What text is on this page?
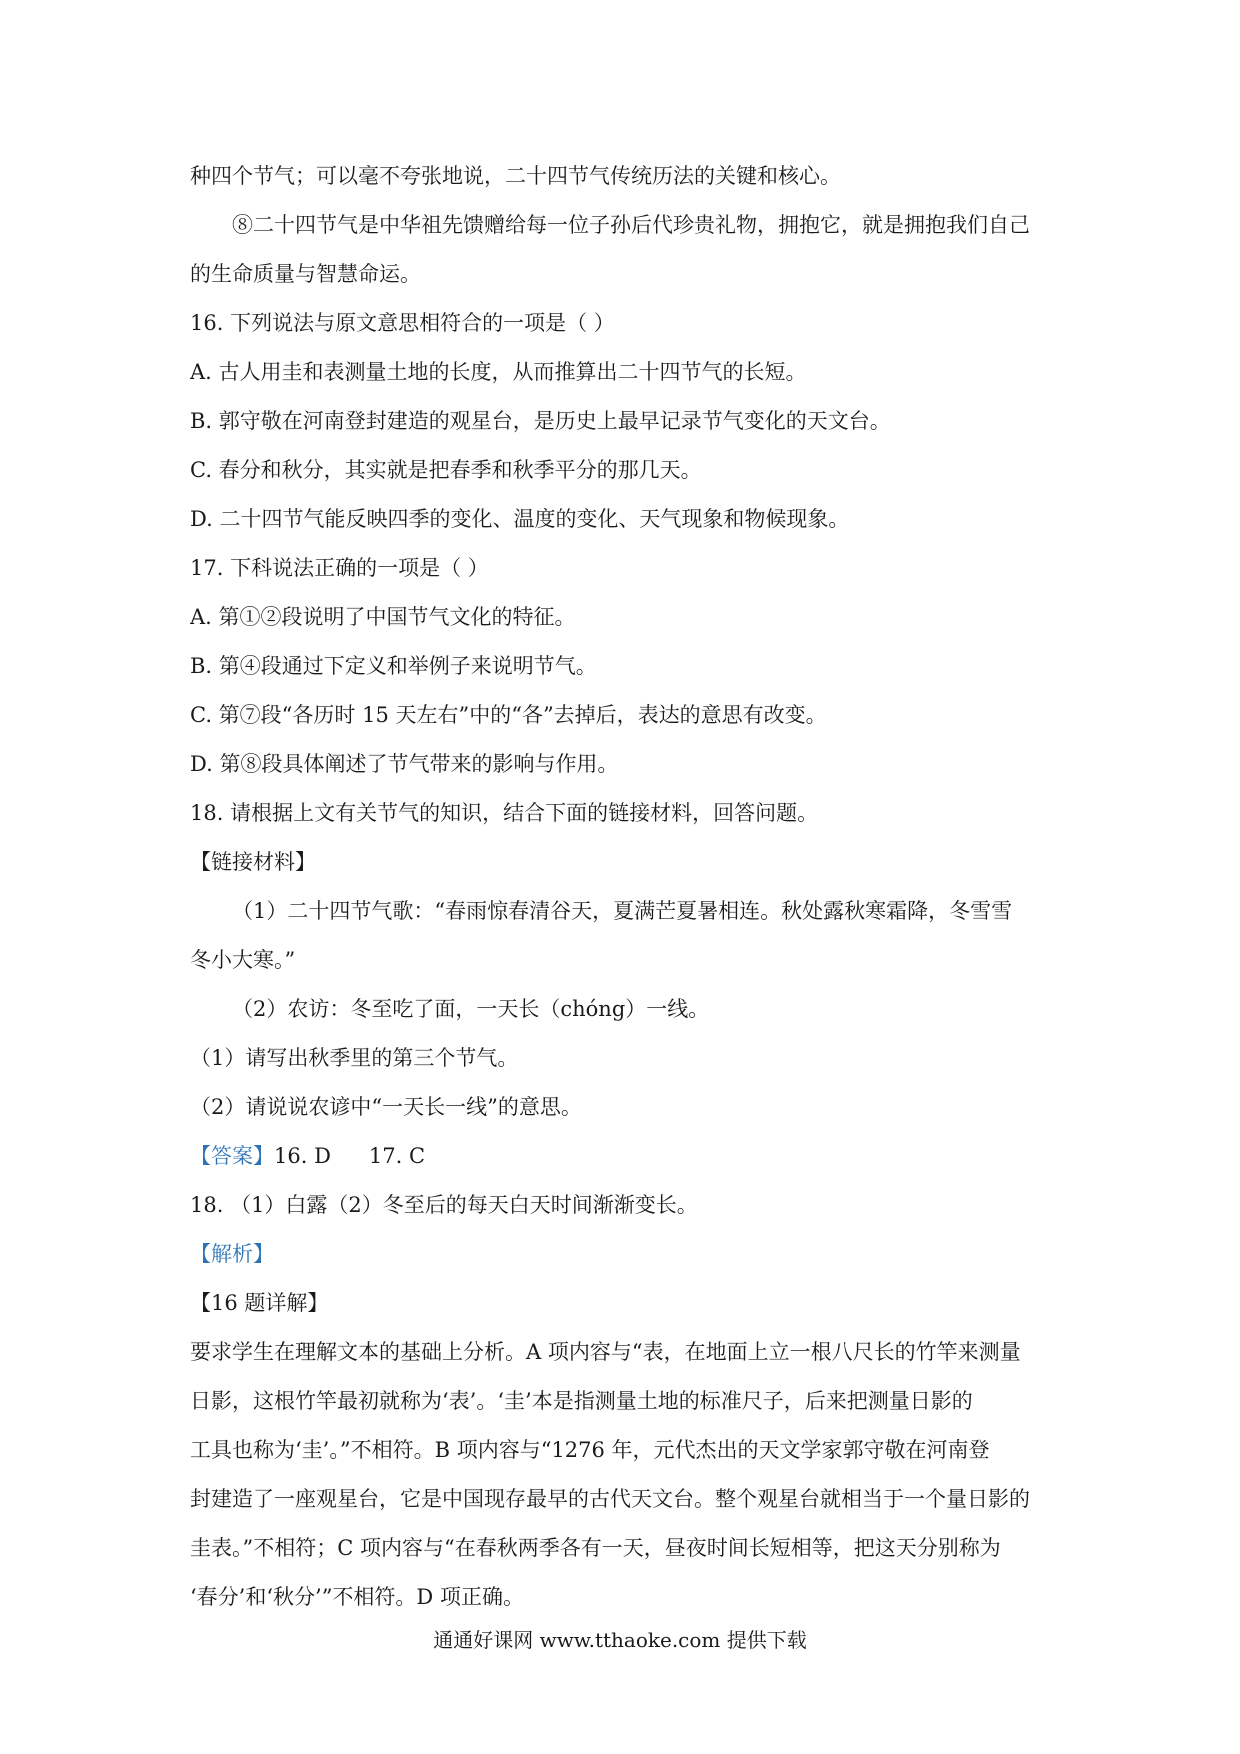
种四个节气；可以毫不夸张地说，二十四节气传统历法的关键和核心。
⑧二十四节气是中华祖先馈赠给每一位子孙后代珍贵礼物，拥抱它，就是拥抱我们自己
的生命质量与智慧命运。
16. 下列说法与原文意思相符合的一项是（ ）
A. 古人用圭和表测量土地的长度，从而推算出二十四节气的长短。
B. 郭守敬在河南登封建造的观星台，是历史上最早记录节气变化的天文台。
C. 春分和秋分，其实就是把春季和秋季平分的那几天。
D. 二十四节气能反映四季的变化、温度的变化、天气现象和物候现象。
17. 下科说法正确的一项是（ ）
A. 第①②段说明了中国节气文化的特征。
B. 第④段通过下定义和举例子来说明节气。
C. 第⑦段“各历时 15 天左右”中的“各”去掉后，表达的意思有改变。
D. 第⑧段具体阐述了节气带来的影响与作用。
18. 请根据上文有关节气的知识，结合下面的链接材料，回答问题。
【链接材料】
（1）二十四节气歌：“春雨惊春清谷天，夏满芒夏暑相连。秋处露秋寒霜降，冬雪雪
冬小大寒。”
（2）农访：冬至吃了面，一天长（chóng）一线。
（1）请写出秋季里的第三个节气。
（2）请说说农谚中“一天长一线”的意思。
【答案】16. D 17. C
18. （1）白露（2）冬至后的每天白天时间渐渐变长。
【解析】
【16 题详解】
要求学生在理解文本的基础上分析。A 项内容与“表，在地面上立一根八尺长的竹竿来测量
日影，这根竹竿最初就称为‘表’。‘圭’本是指测量土地的标准尺子，后来把测量日影的
工具也称为‘圭’。”不相符。B 项内容与“1276 年，元代杰出的天文学家郭守敬在河南登
封建造了一座观星台，它是中国现存最早的古代天文台。整个观星台就相当于一个量日影的
圭表。”不相符；C 项内容与“在春秋两季各有一天，昼夜时间长短相等，把这天分别称为
‘春分’和‘秋分’”不相符。D 项正确。
通通好课网 www.tthaoke.com 提供下载
